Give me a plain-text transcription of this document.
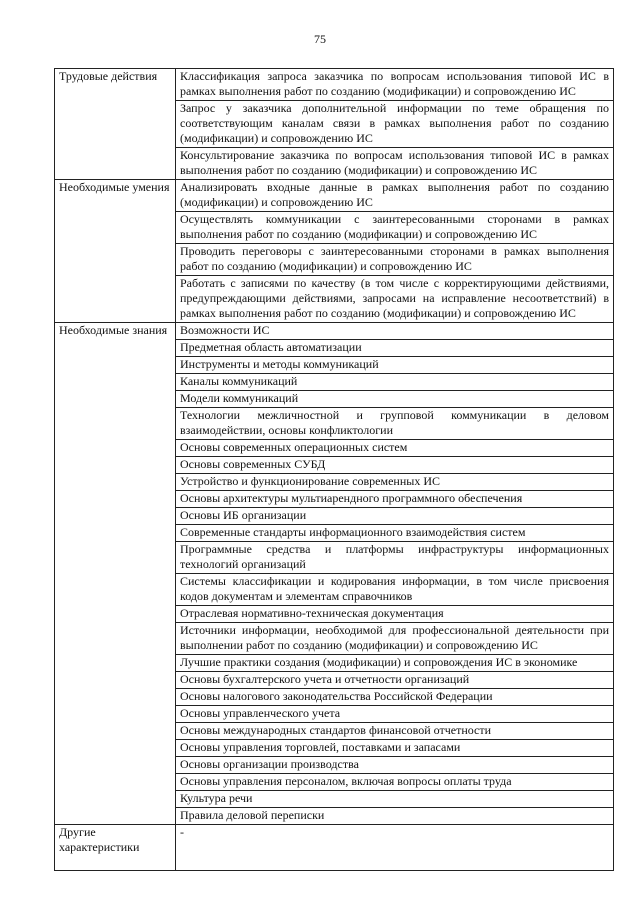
75
Трудовые действия	Классификация запроса заказчика по вопросам использования типовой ИС в рамках выполнения работ по созданию (модификации) и сопровождению ИС
	Запрос у заказчика дополнительной информации по теме обращения по соответствующим каналам связи в рамках выполнения работ по созданию (модификации) и сопровождению ИС
	Консультирование заказчика по вопросам использования типовой ИС в рамках выполнения работ по созданию (модификации) и сопровождению ИС
Необходимые умения	Анализировать входные данные в рамках выполнения работ по созданию (модификации) и сопровождению ИС
	Осуществлять коммуникации с заинтересованными сторонами в рамках выполнения работ по созданию (модификации) и сопровождению ИС
	Проводить переговоры с заинтересованными сторонами в рамках выполнения работ по созданию (модификации) и сопровождению ИС
	Работать с записями по качеству (в том числе с корректирующими действиями, предупреждающими действиями, запросами на исправление несоответствий) в рамках выполнения работ по созданию (модификации) и сопровождению ИС
Необходимые знания	Возможности ИС
	Предметная область автоматизации
	Инструменты и методы коммуникаций
	Каналы коммуникаций
	Модели коммуникаций
	Технологии межличностной и групповой коммуникации в деловом взаимодействии, основы конфликтологии
	Основы современных операционных систем
	Основы современных СУБД
	Устройство и функционирование современных ИС
	Основы архитектуры мультиарендного программного обеспечения
	Основы ИБ организации
	Современные стандарты информационного взаимодействия систем
	Программные средства и платформы инфраструктуры информационных технологий организаций
	Системы классификации и кодирования информации, в том числе присвоения кодов документам и элементам справочников
	Отраслевая нормативно-техническая документация
	Источники информации, необходимой для профессиональной деятельности при выполнении работ по созданию (модификации) и сопровождению ИС
	Лучшие практики создания (модификации) и сопровождения ИС в экономике
	Основы бухгалтерского учета и отчетности организаций
	Основы налогового законодательства Российской Федерации
	Основы управленческого учета
	Основы международных стандартов финансовой отчетности
	Основы управления торговлей, поставками и запасами
	Основы организации производства
	Основы управления персоналом, включая вопросы оплаты труда
	Культура речи
	Правила деловой переписки
Другие характеристики	-
